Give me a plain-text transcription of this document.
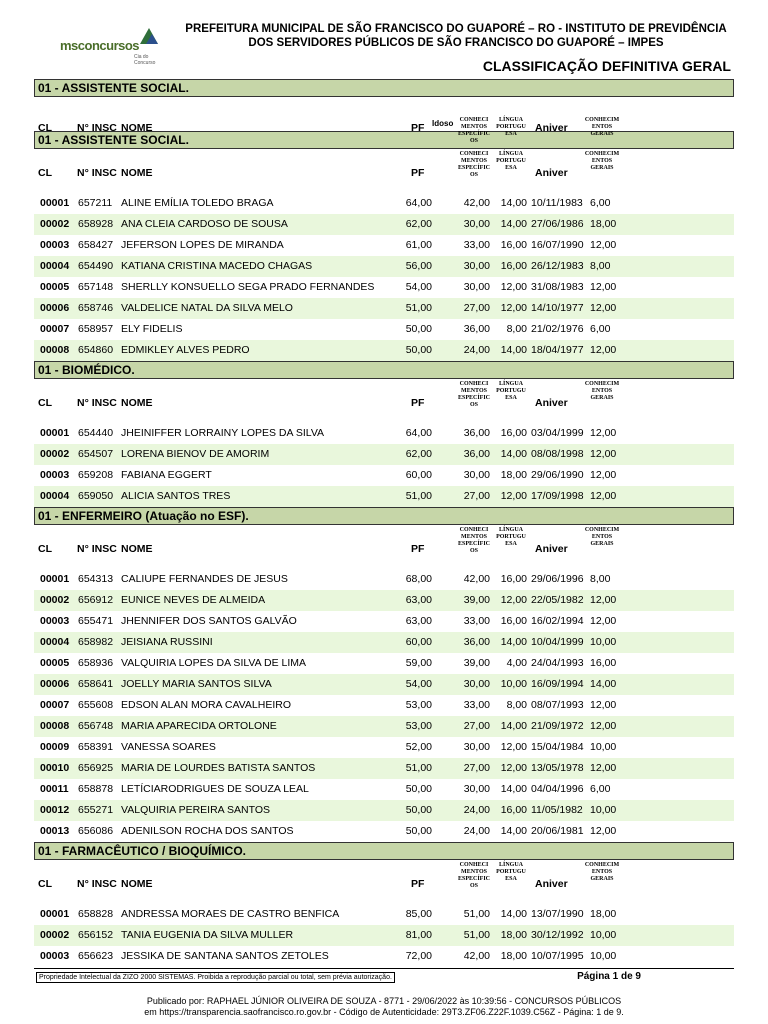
msconcursos
Cia do Concurso
PREFEITURA MUNICIPAL DE SÃO FRANCISCO DO GUAPORÉ – RO - INSTITUTO DE PREVIDÊNCIA
DOS SERVIDORES PÚBLICOS DE SÃO FRANCISCO DO GUAPORÉ – IMPES
CLASSIFICAÇÃO DEFINITIVA GERAL
01 - ASSISTENTE SOCIAL.
CL N° INSC NOME	PF
CONHECI MENTOS ESPECÍFIC OS
LÍNGUA PORTUGU ESA	Aniver
CONHECIM ENTOS GERAIS
Idoso
01 - ASSISTENTE SOCIAL.
CL N° INSC NOME	PF
CONHECI MENTOS ESPECÍFIC OS
LÍNGUA PORTUGU ESA	Aniver
CONHECIM ENTOS GERAIS
00001 657211 ALINE EMÍLIA TOLEDO BRAGA	64,00	42,00 14,00 10/11/1983 6,00
00002 658928 ANA CLEIA CARDOSO DE SOUSA	62,00	30,00 14,00 27/06/1986 18,00
00003 658427 JEFERSON LOPES DE MIRANDA	61,00	33,00 16,00 16/07/1990 12,00
00004 654490 KATIANA CRISTINA MACEDO CHAGAS	56,00	30,00 16,00 26/12/1983 8,00
00005 657148 SHERLLY KONSUELLO SEGA PRADO FERNANDES	54,00	30,00 12,00 31/08/1983 12,00
00006 658746 VALDELICE NATAL DA SILVA MELO	51,00	27,00 12,00 14/10/1977 12,00
00007 658957 ELY FIDELIS	50,00	36,00 8,00 21/02/1976 6,00
00008 654860 EDMIKLEY ALVES PEDRO	50,00	24,00 14,00 18/04/1977 12,00
01 - BIOMÉDICO.
CL N° INSC NOME	PF
CONHECI MENTOS ESPECÍFIC OS
LÍNGUA PORTUGU ESA	Aniver
CONHECIM ENTOS GERAIS
00001 654440 JHEINIFFER LORRAINY LOPES DA SILVA	64,00	36,00 16,00 03/04/1999 12,00
00002 654507 LORENA BIENOV DE AMORIM	62,00	36,00 14,00 08/08/1998 12,00
00003 659208 FABIANA EGGERT	60,00	30,00 18,00 29/06/1990 12,00
00004 659050 ALICIA SANTOS TRES	51,00	27,00 12,00 17/09/1998 12,00
01 - ENFERMEIRO (Atuação no ESF).
CL N° INSC NOME	PF
CONHECI MENTOS ESPECÍFIC OS
LÍNGUA PORTUGU ESA	Aniver
CONHECIM ENTOS GERAIS
00001 654313 CALIUPE FERNANDES DE JESUS	68,00	42,00 16,00 29/06/1996 8,00
00002 656912 EUNICE NEVES DE ALMEIDA	63,00	39,00 12,00 22/05/1982 12,00
00003 655471 JHENNIFER DOS SANTOS GALVÃO	63,00	33,00 16,00 16/02/1994 12,00
00004 658982 JEISIANA RUSSINI	60,00	36,00 14,00 10/04/1999 10,00
00005 658936 VALQUIRIA LOPES DA SILVA DE LIMA	59,00	39,00 4,00 24/04/1993 16,00
00006 658641 JOELLY MARIA SANTOS SILVA	54,00	30,00 10,00 16/09/1994 14,00
00007 655608 EDSON ALAN MORA CAVALHEIRO	53,00	33,00 8,00 08/07/1993 12,00
00008 656748 MARIA APARECIDA ORTOLONE	53,00	27,00 14,00 21/09/1972 12,00
00009 658391 VANESSA SOARES	52,00	30,00 12,00 15/04/1984 10,00
00010 656925 MARIA DE LOURDES BATISTA SANTOS	51,00	27,00 12,00 13/05/1978 12,00
00011 658878 LETÍCIARODRIGUES DE SOUZA LEAL	50,00	30,00 14,00 04/04/1996 6,00
00012 655271 VALQUIRIA PEREIRA SANTOS	50,00	24,00 16,00 11/05/1982 10,00
00013 656086 ADENILSON ROCHA DOS SANTOS	50,00	24,00 14,00 20/06/1981 12,00
01 - FARMACÊUTICO / BIOQUÍMICO.
CL N° INSC NOME	PF
CONHECI MENTOS ESPECÍFIC OS
LÍNGUA PORTUGU ESA	Aniver
CONHECIM ENTOS GERAIS
00001 658828 ANDRESSA MORAES DE CASTRO BENFICA	85,00	51,00 14,00 13/07/1990 18,00
00002 656152 TANIA EUGENIA DA SILVA MULLER	81,00	51,00 18,00 30/12/1992 10,00
00003 656623 JESSIKA DE SANTANA SANTOS ZETOLES	72,00	42,00 18,00 10/07/1995 10,00
Propriedade Intelectual da ZIZO 2000 SISTEMAS. Proibida a reprodução parcial ou total, sem prévia autorização.	Página 1 de 9
Publicado por: RAPHAEL JÚNIOR OLIVEIRA DE SOUZA - 8771 - 29/06/2022 às 10:39:56 - CONCURSOS PÚBLICOS
em https://transparencia.saofrancisco.ro.gov.br - Código de Autenticidade: 29T3.ZF06.Z22F.1039.C56Z - Página: 1 de 9.
